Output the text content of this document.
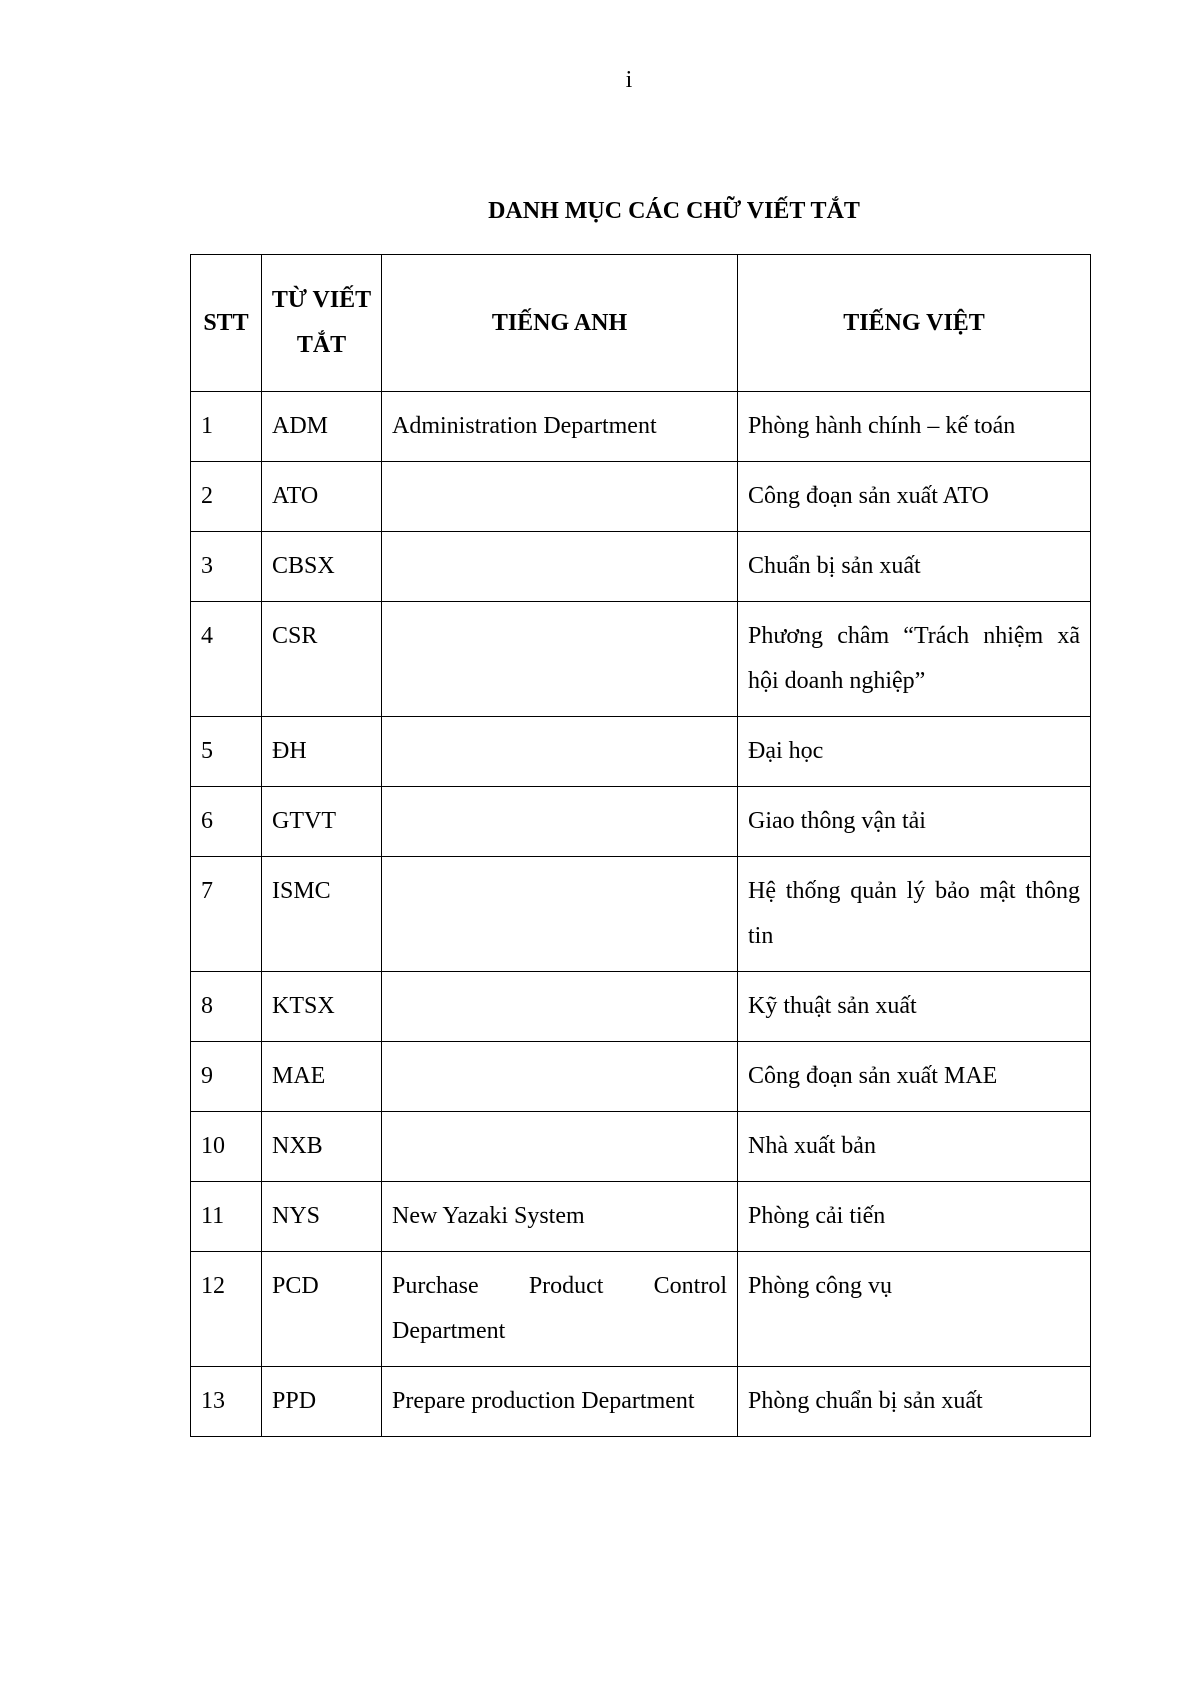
i
DANH MỤC CÁC CHỮ VIẾT TẮT
STT	TỪ VIẾT TẮT	TIẾNG ANH	TIẾNG VIỆT
1	ADM	Administration Department	Phòng hành chính – kế toán
2	ATO		Công đoạn sản xuất ATO
3	CBSX		Chuẩn bị sản xuất
4	CSR		Phương châm “Trách nhiệm xã hội doanh nghiệp”
5	ĐH		Đại học
6	GTVT		Giao thông vận tải
7	ISMC		Hệ thống quản lý bảo mật thông tin
8	KTSX		Kỹ thuật sản xuất
9	MAE		Công đoạn sản xuất MAE
10	NXB		Nhà xuất bản
11	NYS	New Yazaki System	Phòng cải tiến
12	PCD	Purchase Product Control Department	Phòng công vụ
13	PPD	Prepare production Department	Phòng chuẩn bị sản xuất
